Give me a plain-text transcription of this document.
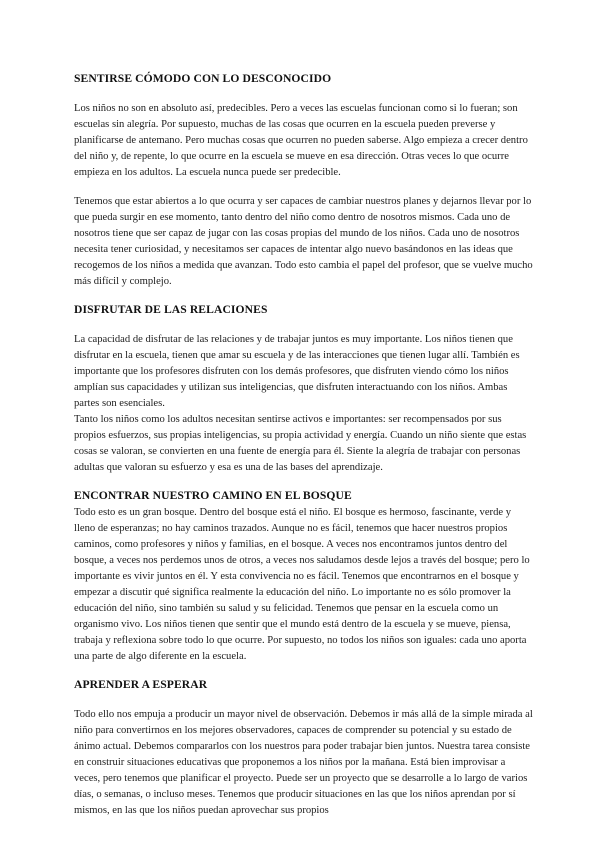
SENTIRSE CÓMODO CON LO DESCONOCIDO

Los niños no son en absoluto así, predecibles. Pero a veces las escuelas funcionan como si lo fueran; son escuelas sin alegría. Por supuesto, muchas de las cosas que ocurren en la escuela pueden preverse y planificarse de antemano. Pero muchas cosas que ocurren no pueden saberse. Algo empieza a crecer dentro del niño y, de repente, lo que ocurre en la escuela se mueve en esa dirección. Otras veces lo que ocurre empieza en los adultos. La escuela nunca puede ser predecible.

Tenemos que estar abiertos a lo que ocurra y ser capaces de cambiar nuestros planes y dejarnos llevar por lo que pueda surgir en ese momento, tanto dentro del niño como dentro de nosotros mismos. Cada uno de nosotros tiene que ser capaz de jugar con las cosas propias del mundo de los niños. Cada uno de nosotros necesita tener curiosidad, y necesitamos ser capaces de intentar algo nuevo basándonos en las ideas que recogemos de los niños a medida que avanzan. Todo esto cambia el papel del profesor, que se vuelve mucho más difícil y complejo.

DISFRUTAR DE LAS RELACIONES

La capacidad de disfrutar de las relaciones y de trabajar juntos es muy importante. Los niños tienen que disfrutar en la escuela, tienen que amar su escuela y de las interacciones que tienen lugar allí. También es importante que los profesores disfruten con los demás profesores, que disfruten viendo cómo los niños amplían sus capacidades y utilizan sus inteligencias, que disfruten interactuando con los niños. Ambas partes son esenciales.

Tanto los niños como los adultos necesitan sentirse activos e importantes: ser recompensados por sus propios esfuerzos, sus propias inteligencias, su propia actividad y energía. Cuando un niño siente que estas cosas se valoran, se convierten en una fuente de energía para él. Siente la alegría de trabajar con personas adultas que valoran su esfuerzo y esa es una de las bases del aprendizaje.

ENCONTRAR NUESTRO CAMINO EN EL BOSQUE

Todo esto es un gran bosque. Dentro del bosque está el niño. El bosque es hermoso, fascinante, verde y lleno de esperanzas; no hay caminos trazados. Aunque no es fácil, tenemos que hacer nuestros propios caminos, como profesores y niños y familias, en el bosque. A veces nos encontramos juntos dentro del bosque, a veces nos perdemos unos de otros, a veces nos saludamos desde lejos a través del bosque; pero lo importante es vivir juntos en él. Y esta convivencia no es fácil. Tenemos que encontrarnos en el bosque y empezar a discutir qué significa realmente la educación del niño. Lo importante no es sólo promover la educación del niño, sino también su salud y su felicidad. Tenemos que pensar en la escuela como un organismo vivo. Los niños tienen que sentir que el mundo está dentro de la escuela y se mueve, piensa, trabaja y reflexiona sobre todo lo que ocurre. Por supuesto, no todos los niños son iguales: cada uno aporta una parte de algo diferente en la escuela.

APRENDER A ESPERAR

Todo ello nos empuja a producir un mayor nivel de observación. Debemos ir más allá de la simple mirada al niño para convertirnos en los mejores observadores, capaces de comprender su potencial y su estado de ánimo actual. Debemos compararlos con los nuestros para poder trabajar bien juntos. Nuestra tarea consiste en construir situaciones educativas que proponemos a los niños por la mañana. Está bien improvisar a veces, pero tenemos que planificar el proyecto. Puede ser un proyecto que se desarrolle a lo largo de varios días, o semanas, o incluso meses. Tenemos que producir situaciones en las que los niños aprendan por sí mismos, en las que los niños puedan aprovechar sus propios
